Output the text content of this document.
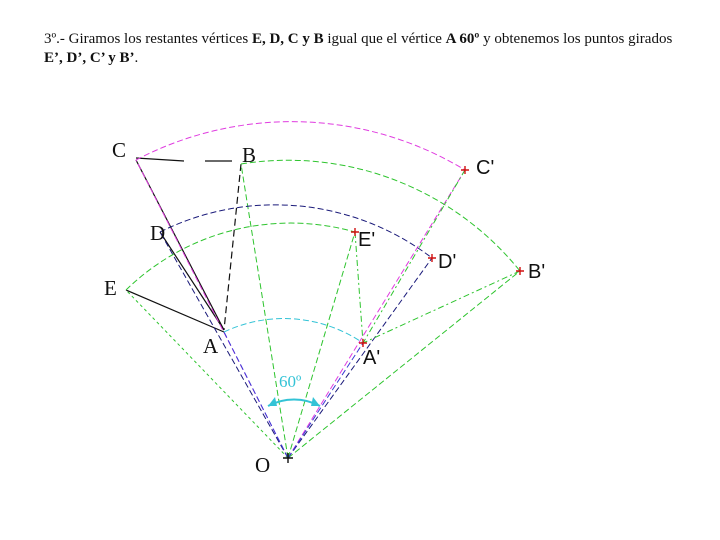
3º.- Giramos los restantes vértices E, D, C y B igual que el vértice A 60º y obtenemos los puntos girados E’, D’, C’ y B’.
60º
C	B
D
E
A
O
C'
B'
D'
E'
A'
